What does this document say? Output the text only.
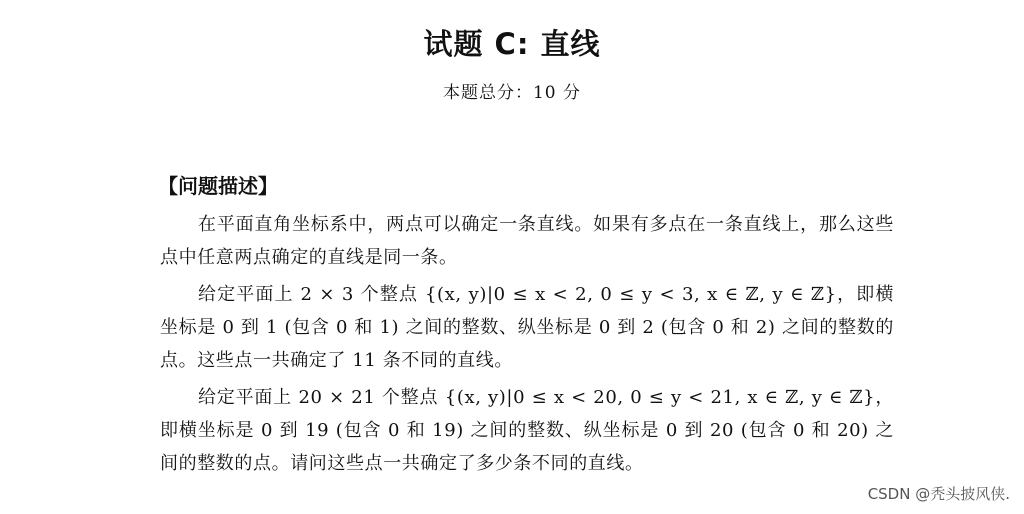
试题 C: 直线
本题总分：10 分
【问题描述】

在平面直角坐标系中，两点可以确定一条直线。如果有多点在一条直线上，那么这些点中任意两点确定的直线是同一条。

给定平面上 2 × 3 个整点 {(x, y)|0 ≤ x < 2, 0 ≤ y < 3, x ∈ ℤ, y ∈ ℤ}，即横坐标是 0 到 1 (包含 0 和 1) 之间的整数、纵坐标是 0 到 2 (包含 0 和 2) 之间的整数的点。这些点一共确定了 11 条不同的直线。

给定平面上 20 × 21 个整点 {(x, y)|0 ≤ x < 20, 0 ≤ y < 21, x ∈ ℤ, y ∈ ℤ}，即横坐标是 0 到 19 (包含 0 和 19) 之间的整数、纵坐标是 0 到 20 (包含 0 和 20) 之间的整数的点。请问这些点一共确定了多少条不同的直线。

CSDN @秃头披风侠.
